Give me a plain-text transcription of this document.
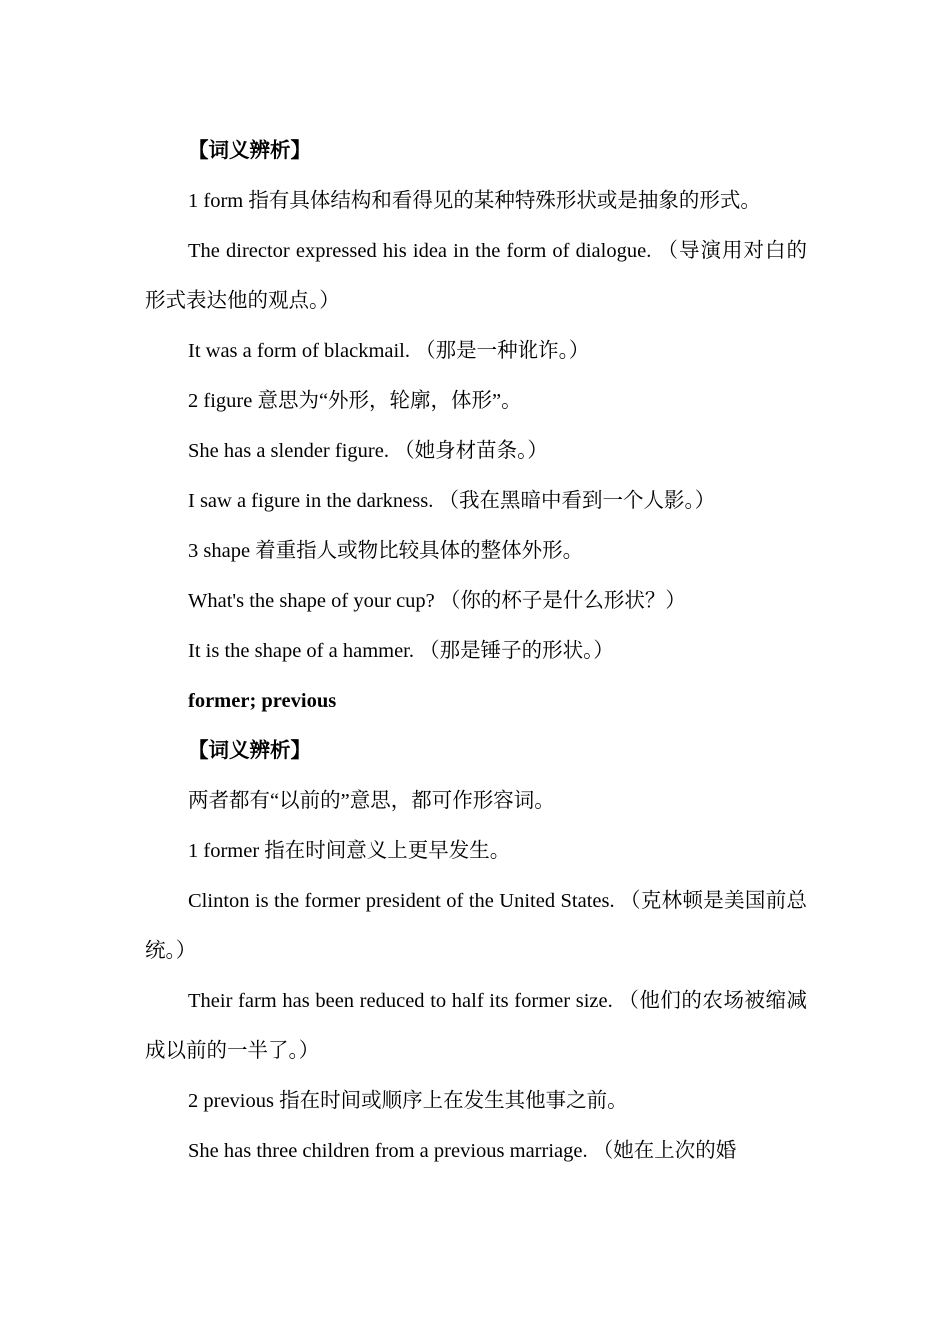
【词义辨析】

1 form 指有具体结构和看得见的某种特殊形状或是抽象的形式。

The director expressed his idea in the form of dialogue. （导演用对白的形式表达他的观点。）

It was a form of blackmail. （那是一种讹诈。）

2 figure 意思为“外形，轮廓，体形”。

She has a slender figure. （她身材苗条。）

I saw a figure in the darkness. （我在黑暗中看到一个人影。）

3 shape 着重指人或物比较具体的整体外形。

What's the shape of your cup? （你的杯子是什么形状？）

It is the shape of a hammer. （那是锤子的形状。）

former; previous

【词义辨析】

两者都有“以前的”意思，都可作形容词。

1 former 指在时间意义上更早发生。

Clinton is the former president of the United States. （克林顿是美国前总统。）

Their farm has been reduced to half its former size. （他们的农场被缩减成以前的一半了。）

2 previous 指在时间或顺序上在发生其他事之前。

She has three children from a previous marriage. （她在上次的婚
